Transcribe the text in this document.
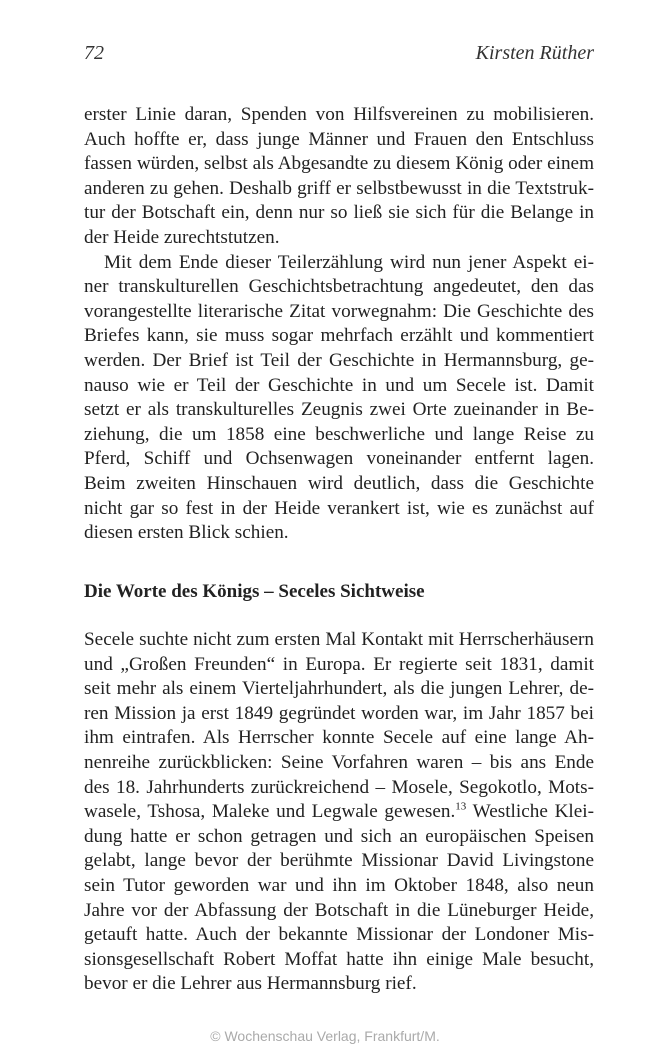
72	Kirsten Rüther
erster Linie daran, Spenden von Hilfsvereinen zu mobilisieren.
Auch hoffte er, dass junge Männer und Frauen den Entschluss
fassen würden, selbst als Abgesandte zu diesem König oder einem
anderen zu gehen. Deshalb griff er selbstbewusst in die Textstruk-
tur der Botschaft ein, denn nur so ließ sie sich für die Belange in
der Heide zurechtstutzen.
Mit dem Ende dieser Teilerzählung wird nun jener Aspekt ei-
ner transkulturellen Geschichtsbetrachtung angedeutet, den das
vorangestellte literarische Zitat vorwegnahm: Die Geschichte des
Briefes kann, sie muss sogar mehrfach erzählt und kommentiert
werden. Der Brief ist Teil der Geschichte in Hermannsburg, ge-
nauso wie er Teil der Geschichte in und um Secele ist. Damit
setzt er als transkulturelles Zeugnis zwei Orte zueinander in Be-
ziehung, die um 1858 eine beschwerliche und lange Reise zu
Pferd, Schiff und Ochsenwagen voneinander entfernt lagen.
Beim zweiten Hinschauen wird deutlich, dass die Geschichte
nicht gar so fest in der Heide verankert ist, wie es zunächst auf
diesen ersten Blick schien.
Die Worte des Königs – Seceles Sichtweise
Secele suchte nicht zum ersten Mal Kontakt mit Herrscherhäusern
und „Großen Freunden“ in Europa. Er regierte seit 1831, damit
seit mehr als einem Vierteljahrhundert, als die jungen Lehrer, de-
ren Mission ja erst 1849 gegründet worden war, im Jahr 1857 bei
ihm eintrafen. Als Herrscher konnte Secele auf eine lange Ah-
nenreihe zurückblicken: Seine Vorfahren waren – bis ans Ende
des 18. Jahrhunderts zurückreichend – Mosele, Segokotlo, Mots-
wasele, Tshosa, Maleke und Legwale gewesen.$^{13}$ Westliche Klei-
dung hatte er schon getragen und sich an europäischen Speisen
gelabt, lange bevor der berühmte Missionar David Livingstone
sein Tutor geworden war und ihn im Oktober 1848, also neun
Jahre vor der Abfassung der Botschaft in die Lüneburger Heide,
getauft hatte. Auch der bekannte Missionar der Londoner Mis-
sionsgesellschaft Robert Moffat hatte ihn einige Male besucht,
bevor er die Lehrer aus Hermannsburg rief.
© Wochenschau Verlag, Frankfurt/M.
